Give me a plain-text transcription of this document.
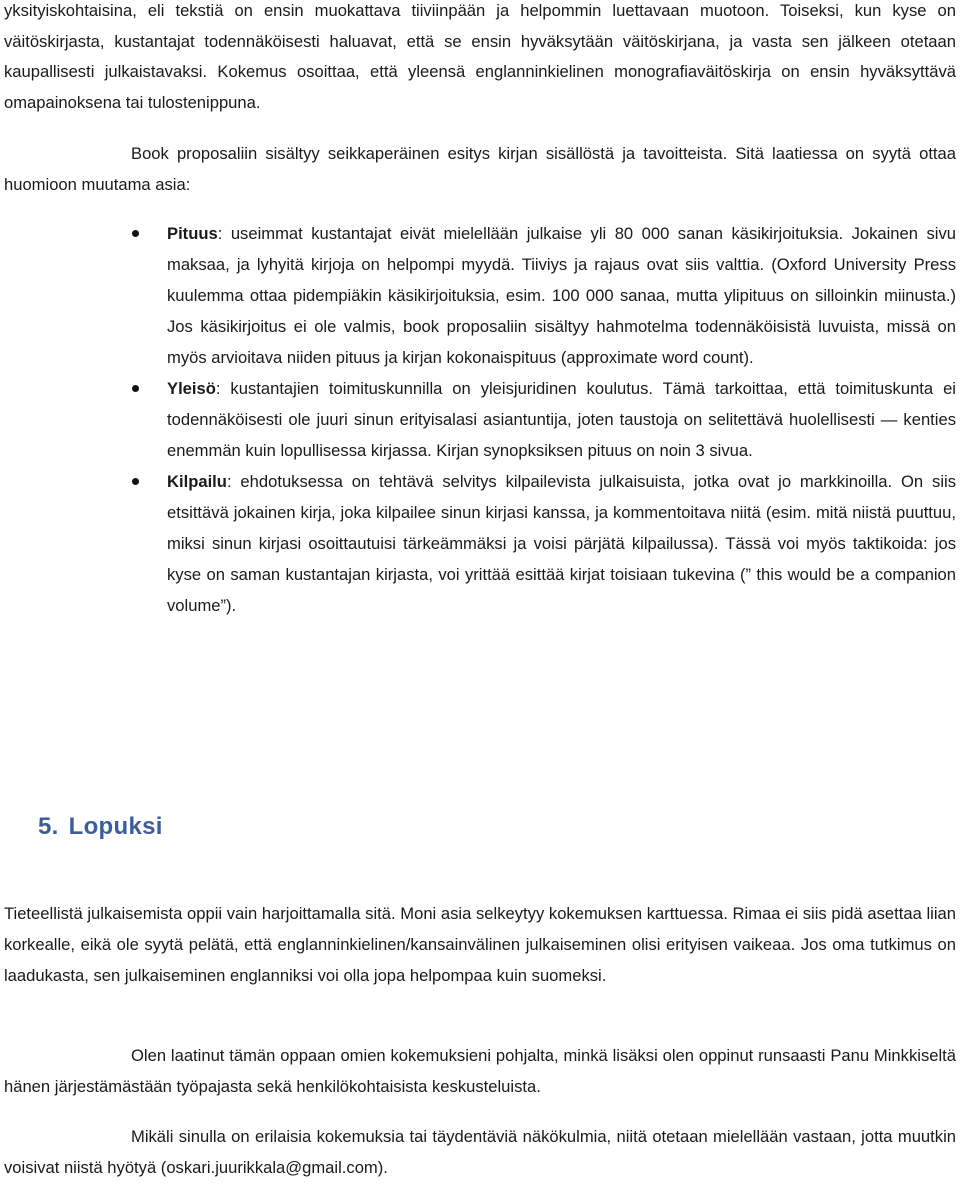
yksityiskohtaisina, eli tekstiä on ensin muokattava tiiviinpään ja helpommin luettavaan muotoon. Toiseksi, kun kyse on väitöskirjasta, kustantajat todennäköisesti haluavat, että se ensin hyväksytään väitöskirjana, ja vasta sen jälkeen otetaan kaupallisesti julkaistavaksi. Kokemus osoittaa, että yleensä englanninkielinen monografiaväitöskirja on ensin hyväksyttävä omapainoksena tai tulostenippuna.

Book proposaliin sisältyy seikkaperäinen esitys kirjan sisällöstä ja tavoitteista. Sitä laatiessa on syytä ottaa huomioon muutama asia:

Pituus: useimmat kustantajat eivät mielellään julkaise yli 80 000 sanan käsikirjoituksia. Jokainen sivu maksaa, ja lyhyitä kirjoja on helpompi myydä. Tiiviys ja rajaus ovat siis valttia. (Oxford University Press kuulemma ottaa pidempiäkin käsikirjoituksia, esim. 100 000 sanaa, mutta ylipituus on silloinkin miinusta.) Jos käsikirjoitus ei ole valmis, book proposaliin sisältyy hahmotelma todennäköisistä luvuista, missä on myös arvioitava niiden pituus ja kirjan kokonaispituus (approximate word count).
Yleisö: kustantajien toimituskunnilla on yleisjuridinen koulutus. Tämä tarkoittaa, että toimituskunta ei todennäköisesti ole juuri sinun erityisalasi asiantuntija, joten taustoja on selitettävä huolellisesti — kenties enemmän kuin lopullisessa kirjassa. Kirjan synopksiksen pituus on noin 3 sivua.
Kilpailu: ehdotuksessa on tehtävä selvitys kilpailevista julkaisuista, jotka ovat jo markkinoilla. On siis etsittävä jokainen kirja, joka kilpailee sinun kirjasi kanssa, ja kommentoitava niitä (esim. mitä niistä puuttuu, miksi sinun kirjasi osoittautuisi tärkeämmäksi ja voisi pärjätä kilpailussa). Tässä voi myös taktikoida: jos kyse on saman kustantajan kirjasta, voi yrittää esittää kirjat toisiaan tukevina (” this would be a companion volume”).
5. Lopuksi

Tieteellistä julkaisemista oppii vain harjoittamalla sitä. Moni asia selkeytyy kokemuksen karttuessa. Rimaa ei siis pidä asettaa liian korkealle, eikä ole syytä pelätä, että englanninkielinen/kansainvälinen julkaiseminen olisi erityisen vaikeaa. Jos oma tutkimus on laadukasta, sen julkaiseminen englanniksi voi olla jopa helpompaa kuin suomeksi.

Olen laatinut tämän oppaan omien kokemuksieni pohjalta, minkä lisäksi olen oppinut runsaasti Panu Minkkiseltä hänen järjestämästään työpajasta sekä henkilökohtaisista keskusteluista.

Mikäli sinulla on erilaisia kokemuksia tai täydentäviä näkökulmia, niitä otetaan mielellään vastaan, jotta muutkin voisivat niistä hyötyä (oskari.juurikkala@gmail.com).
